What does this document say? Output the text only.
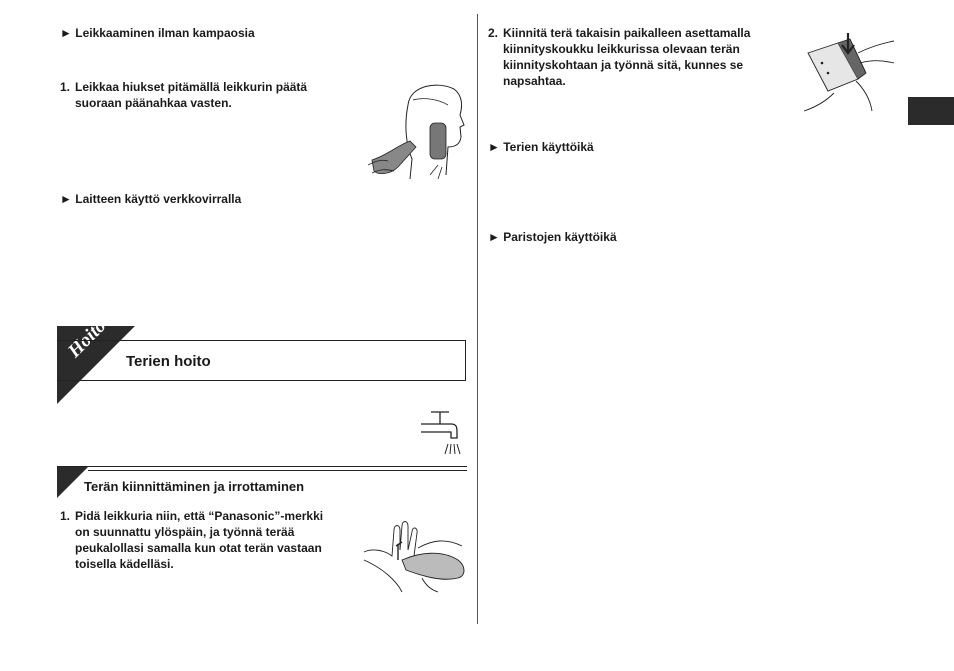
► Leikkaaminen ilman kampaosia
1. Leikkaa hiukset pitämällä leikkurin päätä
suoraan päänahkaa vasten.
► Laitteen käyttö verkkovirralla
Hoito Terien hoito
Terän kiinnittäminen ja irrottaminen
1. Pidä leikkuria niin, että “Panasonic”-merkki
on suunnattu ylöspäin, ja työnnä terää
peukalollasi samalla kun otat terän vastaan
toisella kädelläsi.
2. Kiinnitä terä takaisin paikalleen asettamalla
kiinnityskoukku leikkurissa olevaan terän
kiinnityskohtaan ja työnnä sitä, kunnes se
napsahtaa.
► Terien käyttöikä
► Paristojen käyttöikä
